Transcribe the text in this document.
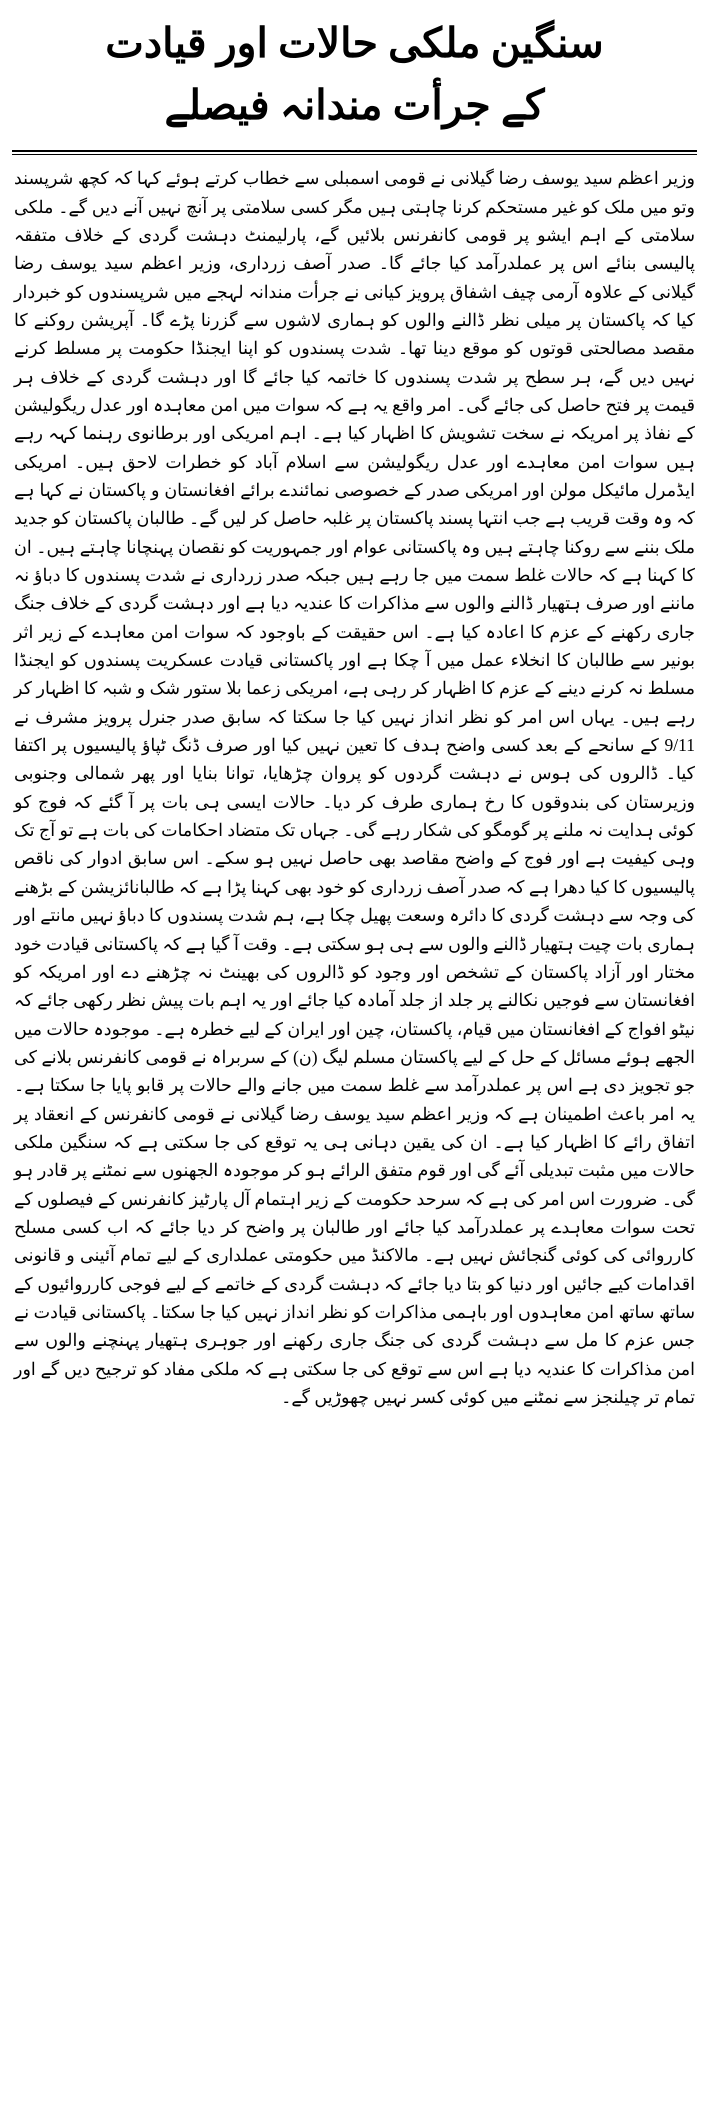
سنگین ملکی حالات اور قیادت
کے جرأت مندانہ فیصلے

وزیر اعظم سید یوسف رضا گیلانی نے قومی اسمبلی سے خطاب کرتے ہوئے کہا کہ کچھ شرپسند وتو میں ملک کو غیر مستحکم کرنا چاہتی ہیں مگر کسی سلامتی پر آنچ نہیں آنے دیں گے۔ ملکی سلامتی کے اہم ایشو پر قومی کانفرنس بلائیں گے، پارلیمنٹ دہشت گردی کے خلاف متفقہ پالیسی بنائے اس پر عملدرآمد کیا جائے گا۔ صدر آصف زرداری، وزیر اعظم سید یوسف رضا گیلانی کے علاوہ آرمی چیف اشفاق پرویز کیانی نے جرأت مندانہ لہجے میں شرپسندوں کو خبردار کیا کہ پاکستان پر میلی نظر ڈالنے والوں کو ہماری لاشوں سے گزرنا پڑے گا۔ آپریشن روکنے کا مقصد مصالحتی قوتوں کو موقع دینا تھا۔ شدت پسندوں کو اپنا ایجنڈا حکومت پر مسلط کرنے نہیں دیں گے، ہر سطح پر شدت پسندوں کا خاتمہ کیا جائے گا اور دہشت گردی کے خلاف ہر قیمت پر فتح حاصل کی جائے گی۔ امر واقع یہ ہے کہ سوات میں امن معاہدہ اور عدل ریگولیشن کے نفاذ پر امریکہ نے سخت تشویش کا اظہار کیا ہے۔ اہم امریکی اور برطانوی رہنما کہہ رہے ہیں سوات امن معاہدے اور عدل ریگولیشن سے اسلام آباد کو خطرات لاحق ہیں۔ امریکی ایڈمرل مائیکل مولن اور امریکی صدر کے خصوصی نمائندے برائے افغانستان و پاکستان نے کہا ہے کہ وہ وقت قریب ہے جب انتہا پسند پاکستان پر غلبہ حاصل کر لیں گے۔ طالبان پاکستان کو جدید ملک بننے سے روکنا چاہتے ہیں وہ پاکستانی عوام اور جمہوریت کو نقصان پہنچانا چاہتے ہیں۔ ان کا کہنا ہے کہ حالات غلط سمت میں جا رہے ہیں جبکہ صدر زرداری نے شدت پسندوں کا دباؤ نہ ماننے اور صرف ہتھیار ڈالنے والوں سے مذاکرات کا عندیہ دیا ہے اور دہشت گردی کے خلاف جنگ جاری رکھنے کے عزم کا اعادہ کیا ہے۔ اس حقیقت کے باوجود کہ سوات امن معاہدے کے زیر اثر بونیر سے طالبان کا انخلاء عمل میں آ چکا ہے اور پاکستانی قیادت عسکریت پسندوں کو ایجنڈا مسلط نہ کرنے دینے کے عزم کا اظہار کر رہی ہے، امریکی زعما بلا ستور شک و شبہ کا اظہار کر رہے ہیں۔ یہاں اس امر کو نظر انداز نہیں کیا جا سکتا کہ سابق صدر جنرل پرویز مشرف نے 9/11 کے سانحے کے بعد کسی واضح ہدف کا تعین نہیں کیا اور صرف ڈنگ ٹپاؤ پالیسیوں پر اکتفا کیا۔ ڈالروں کی ہوس نے دہشت گردوں کو پروان چڑھایا، توانا بنایا اور پھر شمالی وجنوبی وزیرستان کی بندوقوں کا رخ ہماری طرف کر دیا۔ حالات ایسی ہی بات پر آ گئے کہ فوج کو کوئی ہدایت نہ ملنے پر گومگو کی شکار رہے گی۔ جہاں تک متضاد احکامات کی بات ہے تو آج تک وہی کیفیت ہے اور فوج کے واضح مقاصد بھی حاصل نہیں ہو سکے۔ اس سابق ادوار کی ناقص پالیسیوں کا کیا دھرا ہے کہ صدر آصف زرداری کو خود بھی کہنا پڑا ہے کہ طالبانائزیشن کے بڑھنے کی وجہ سے دہشت گردی کا دائرہ وسعت پھیل چکا ہے، ہم شدت پسندوں کا دباؤ نہیں مانتے اور ہماری بات چیت ہتھیار ڈالنے والوں سے ہی ہو سکتی ہے۔ وقت آ گیا ہے کہ پاکستانی قیادت خود مختار اور آزاد پاکستان کے تشخص اور وجود کو ڈالروں کی بھینٹ نہ چڑھنے دے اور امریکہ کو افغانستان سے فوجیں نکالنے پر جلد از جلد آمادہ کیا جائے اور یہ اہم بات پیش نظر رکھی جائے کہ نیٹو افواج کے افغانستان میں قیام، پاکستان، چین اور ایران کے لیے خطرہ ہے۔ موجودہ حالات میں الجھے ہوئے مسائل کے حل کے لیے پاکستان مسلم لیگ (ن) کے سربراہ نے قومی کانفرنس بلانے کی جو تجویز دی ہے اس پر عملدرآمد سے غلط سمت میں جانے والے حالات پر قابو پایا جا سکتا ہے۔ یہ امر باعث اطمینان ہے کہ وزیر اعظم سید یوسف رضا گیلانی نے قومی کانفرنس کے انعقاد پر اتفاق رائے کا اظہار کیا ہے۔ ان کی یقین دہانی ہی یہ توقع کی جا سکتی ہے کہ سنگین ملکی حالات میں مثبت تبدیلی آئے گی اور قوم متفق الرائے ہو کر موجودہ الجھنوں سے نمٹنے پر قادر ہو گی۔ ضرورت اس امر کی ہے کہ سرحد حکومت کے زیر اہتمام آل پارٹیز کانفرنس کے فیصلوں کے تحت سوات معاہدے پر عملدرآمد کیا جائے اور طالبان پر واضح کر دیا جائے کہ اب کسی مسلح کارروائی کی کوئی گنجائش نہیں ہے۔ مالاکنڈ میں حکومتی عملداری کے لیے تمام آئینی و قانونی اقدامات کیے جائیں اور دنیا کو بتا دیا جائے کہ دہشت گردی کے خاتمے کے لیے فوجی کارروائیوں کے ساتھ ساتھ امن معاہدوں اور باہمی مذاکرات کو نظر انداز نہیں کیا جا سکتا۔ پاکستانی قیادت نے جس عزم کا مل سے دہشت گردی کی جنگ جاری رکھنے اور جوہری ہتھیار پہنچنے والوں سے امن مذاکرات کا عندیہ دیا ہے اس سے توقع کی جا سکتی ہے کہ ملکی مفاد کو ترجیح دیں گے اور تمام تر چیلنجز سے نمٹنے میں کوئی کسر نہیں چھوڑیں گے۔
